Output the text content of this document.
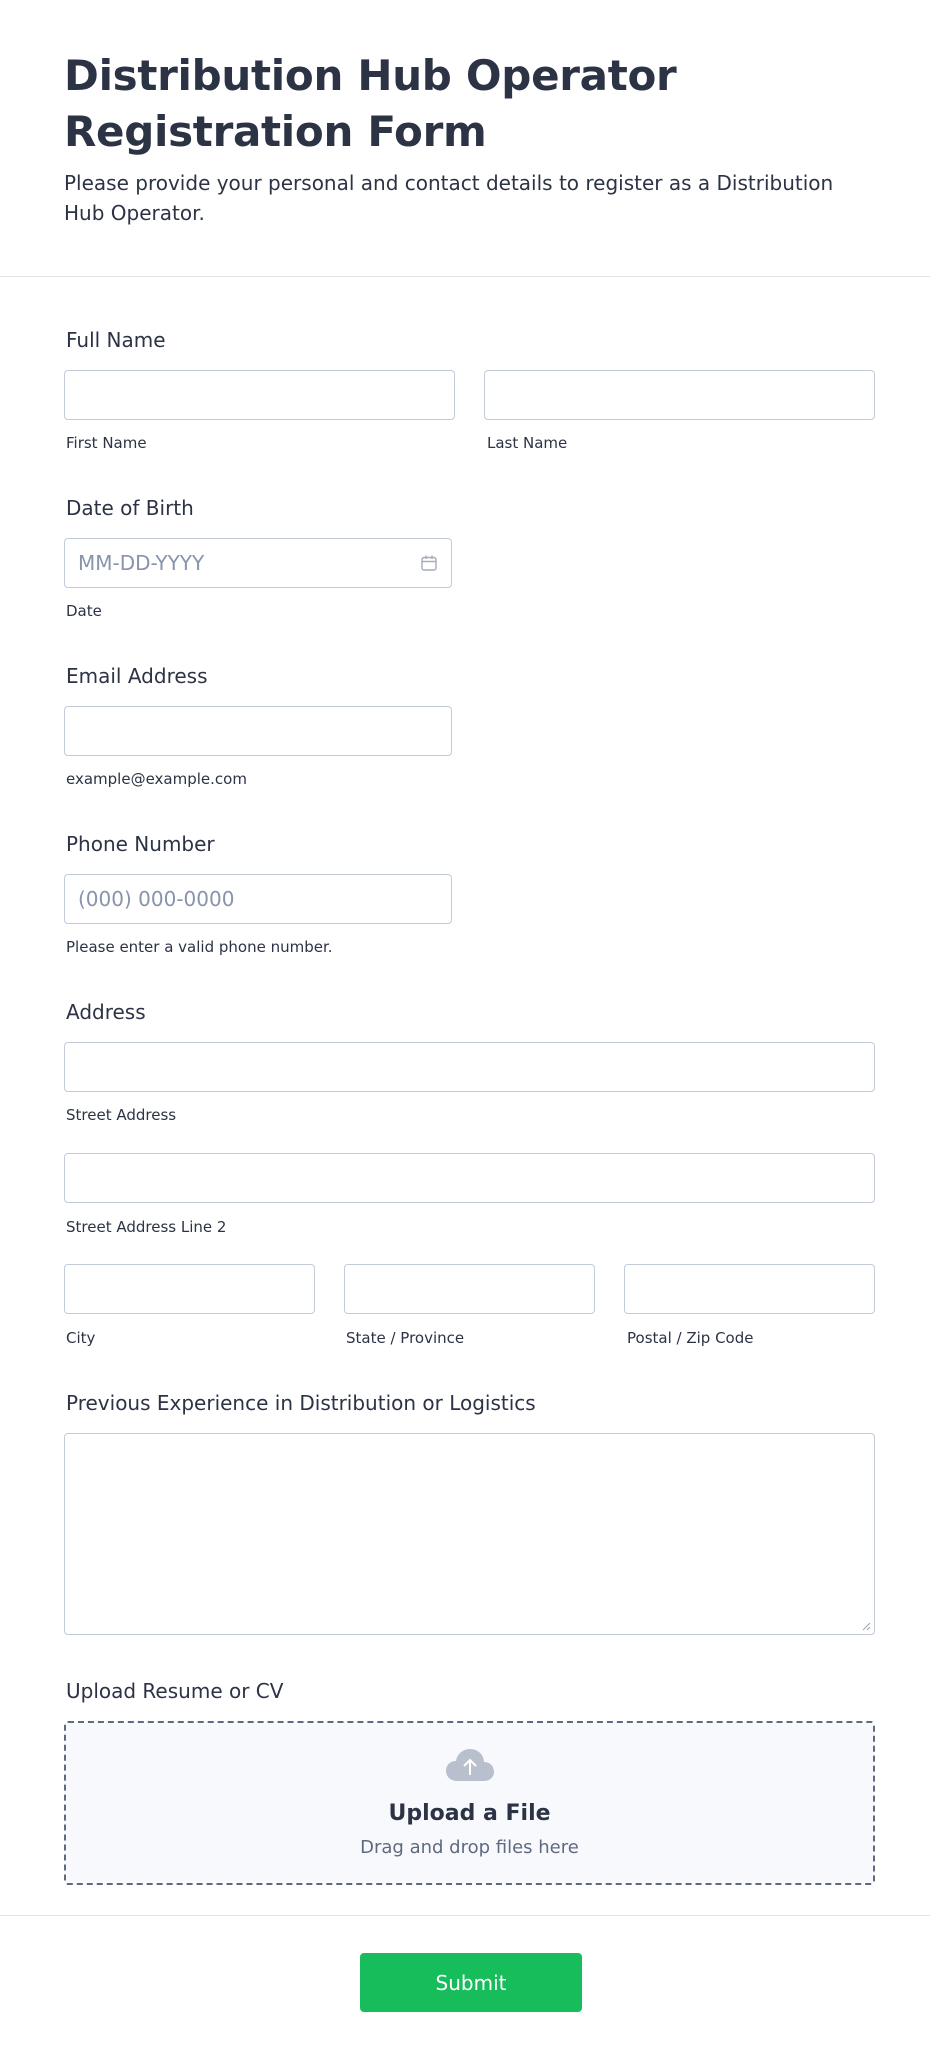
Distribution Hub Operator Registration Form

Please provide your personal and contact details to register as a Distribution Hub Operator.

Full Name
First Name	Last Name
Date of Birth
MM-DD-YYYY
Date
Email Address
example@example.com
Phone Number
(000) 000-0000
Please enter a valid phone number.
Address
Street Address
Street Address Line 2
City	State / Province	Postal / Zip Code
Previous Experience in Distribution or Logistics
Upload Resume or CV
Upload a File
Drag and drop files here
Submit
